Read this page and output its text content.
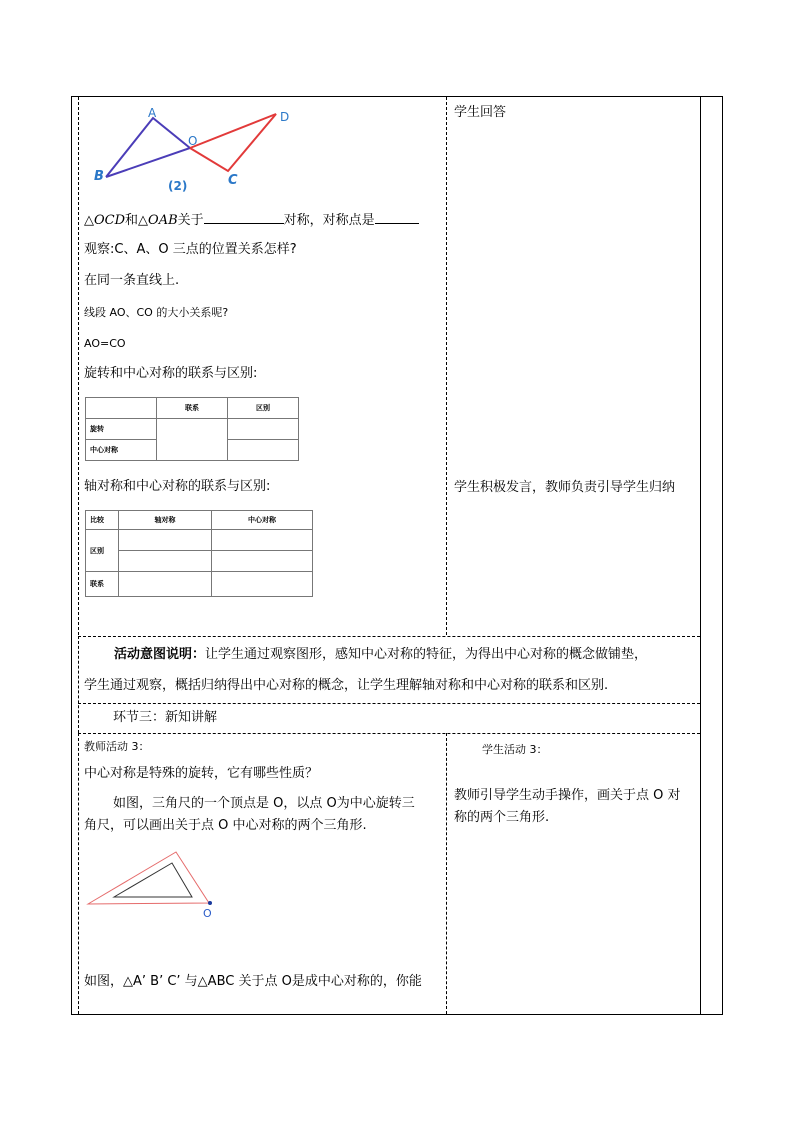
A
O
D
B	C
(2)
△OCD和△OAB关于	对称，对称点是
观察:C、A、O 三点的位置关系怎样?
在同一条直线上.
线段 AO、CO 的大小关系呢?
AO=CO
旋转和中心对称的联系与区别:
	联系	区别
旋转		
中心对称		
轴对称和中心对称的联系与区别:
比较	轴对称	中心对称
区别		

联系		
学生回答
学生积极发言，教师负责引导学生归纳
活动意图说明：让学生通过观察图形，感知中心对称的特征，为得出中心对称的概念做铺垫，
学生通过观察，概括归纳得出中心对称的概念，让学生理解轴对称和中心对称的联系和区别.
环节三：新知讲解
教师活动 3：
中心对称是特殊的旋转，它有哪些性质？
如图，三角尺的一个顶点是 O，以点 O为中心旋转三
角尺，可以画出关于点 O 中心对称的两个三角形.
O
如图，△A’ B’ C’ 与△ABC 关于点 O是成中心对称的，你能
学生活动 3：
教师引导学生动手操作，画关于点 O 对
称的两个三角形.
